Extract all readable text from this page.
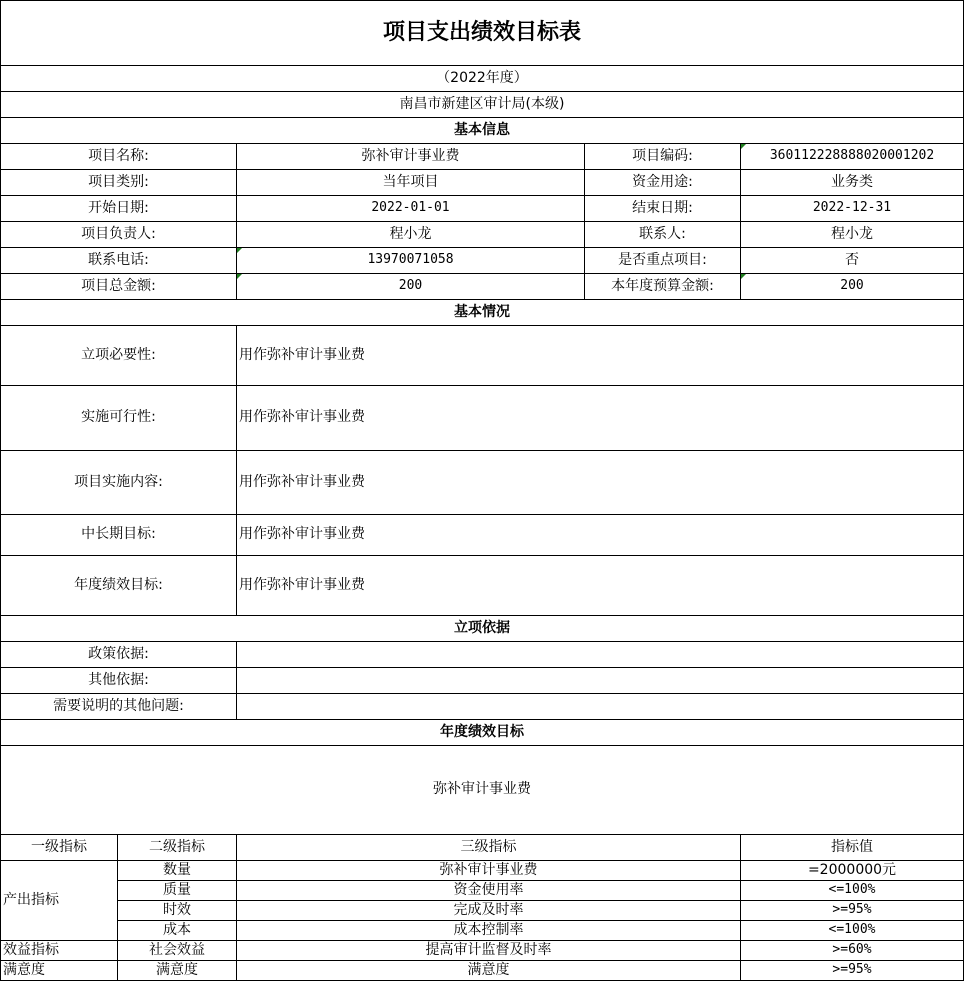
项目支出绩效目标表
（2022年度）
南昌市新建区审计局(本级)
基本信息
项目名称:	弥补审计事业费	项目编码:	360112228888020001202
项目类别:	当年项目	资金用途:	业务类
开始日期:	2022-01-01	结束日期:	2022-12-31
项目负责人:	程小龙	联系人:	程小龙
联系电话:	13970071058	是否重点项目:	否
项目总金额:	200	本年度预算金额:	200
基本情况
立项必要性:	用作弥补审计事业费
实施可行性:	用作弥补审计事业费
项目实施内容:	用作弥补审计事业费
中长期目标:	用作弥补审计事业费
年度绩效目标:	用作弥补审计事业费
立项依据
政策依据:
其他依据:
需要说明的其他问题:
年度绩效目标
弥补审计事业费
一级指标	二级指标	三级指标	指标值
产出指标
数量	弥补审计事业费	=2000000元
质量	资金使用率	<=100%
时效	完成及时率	>=95%
成本	成本控制率	<=100%
效益指标	社会效益	提高审计监督及时率	>=60%
满意度	满意度	满意度	>=95%
